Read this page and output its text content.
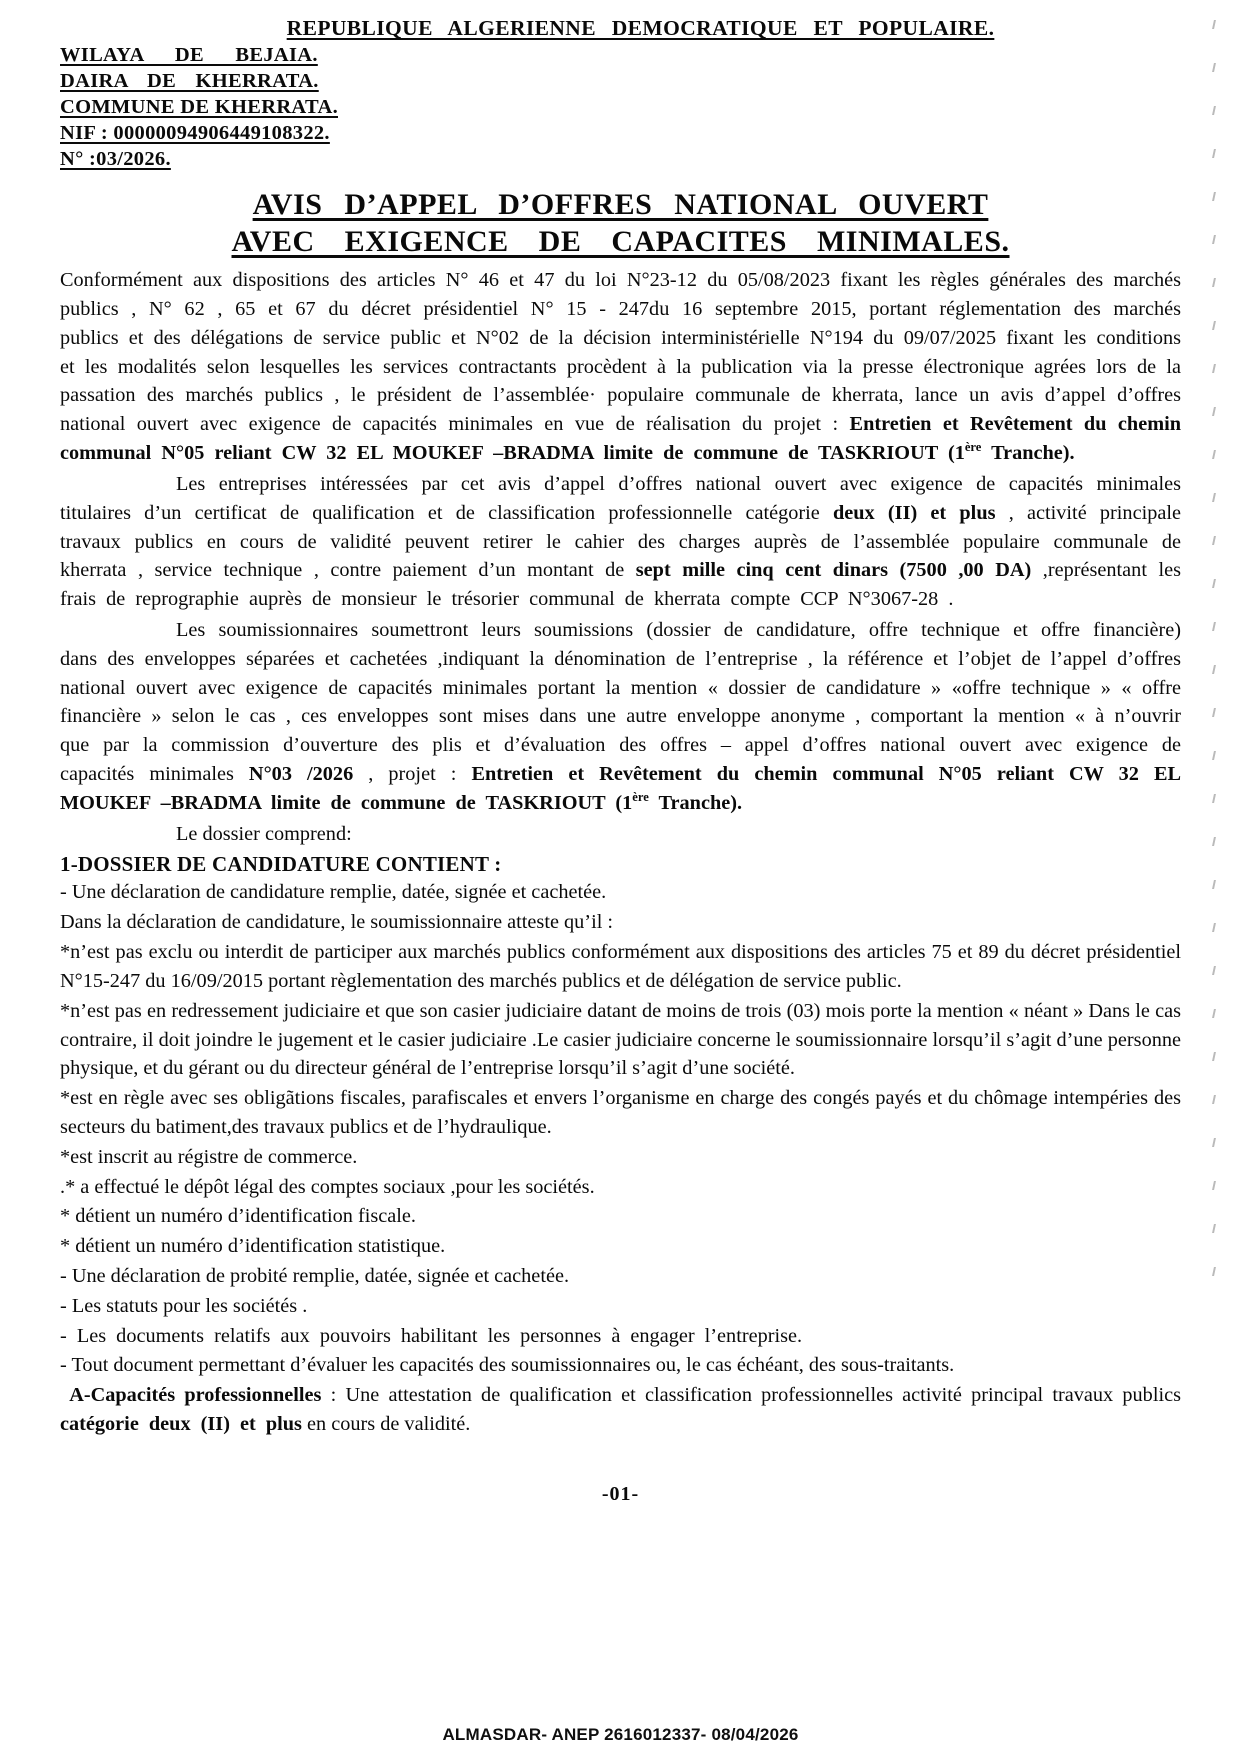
REPUBLIQUE ALGERIENNE DEMOCRATIQUE ET POPULAIRE.
WILAYA DE BEJAIA.
DAIRA DE KHERRATA.
COMMUNE DE KHERRATA.
NIF : 00000094906449108322.
N° :03/2026.
AVIS D’APPEL D’OFFRES NATIONAL OUVERT
AVEC EXIGENCE DE CAPACITES MINIMALES.

Conformément aux dispositions des articles N° 46 et 47 du loi N°23-12 du 05/08/2023 fixant les règles générales des marchés publics , N° 62 , 65 et 67 du décret présidentiel N° 15 - 247du 16 septembre 2015, portant réglementation des marchés publics et des délégations de service public et N°02 de la décision interministérielle N°194 du 09/07/2025 fixant les conditions et les modalités selon lesquelles les services contractants procèdent à la publication via la presse électronique agrées lors de la passation des marchés publics , le président de l’assemblée· populaire communale de kherrata, lance un avis d’appel d’offres national ouvert avec exigence de capacités minimales en vue de réalisation du projet : Entretien et Revêtement du chemin communal N°05 reliant CW 32 EL MOUKEF –BRADMA limite de commune de TASKRIOUT (1ère Tranche).

Les entreprises intéressées par cet avis d’appel d’offres national ouvert avec exigence de capacités minimales titulaires d’un certificat de qualification et de classification professionnelle catégorie deux (II) et plus , activité principale travaux publics en cours de validité peuvent retirer le cahier des charges auprès de l’assemblée populaire communale de kherrata , service technique , contre paiement d’un montant de sept mille cinq cent dinars (7500 ,00 DA) ,représentant les frais de reprographie auprès de monsieur le trésorier communal de kherrata compte CCP N°3067-28 .

Les soumissionnaires soumettront leurs soumissions (dossier de candidature, offre technique et offre financière) dans des enveloppes séparées et cachetées ,indiquant la dénomination de l’entreprise , la référence et l’objet de l’appel d’offres national ouvert avec exigence de capacités minimales portant la mention « dossier de candidature » «offre technique » « offre financière » selon le cas , ces enveloppes sont mises dans une autre enveloppe anonyme , comportant la mention « à n’ouvrir que par la commission d’ouverture des plis et d’évaluation des offres – appel d’offres national ouvert avec exigence de capacités minimales N°03 /2026 , projet : Entretien et Revêtement du chemin communal N°05 reliant CW 32 EL MOUKEF –BRADMA limite de commune de TASKRIOUT (1ère Tranche).

Le dossier comprend:

1-DOSSIER DE CANDIDATURE CONTIENT :

- Une déclaration de candidature remplie, datée, signée et cachetée.

Dans la déclaration de candidature, le soumissionnaire atteste qu’il :

*n’est pas exclu ou interdit de participer aux marchés publics conformément aux dispositions des articles 75 et 89 du décret présidentiel N°15-247 du 16/09/2015 portant règlementation des marchés publics et de délégation de service public.

*n’est pas en redressement judiciaire et que son casier judiciaire datant de moins de trois (03) mois porte la mention « néant » Dans le cas contraire, il doit joindre le jugement et le casier judiciaire .Le casier judiciaire concerne le soumissionnaire lorsqu’il s’agit d’une personne physique, et du gérant ou du directeur général de l’entreprise lorsqu’il s’agit d’une société.

*est en règle avec ses obligãtions fiscales, parafiscales et envers l’organisme en charge des congés payés et du chômage intempéries des secteurs du batiment,des travaux publics et de l’hydraulique.

*est inscrit au régistre de commerce.

.* a effectué le dépôt légal des comptes sociaux ,pour les sociétés.

* détient un numéro d’identification fiscale.

* détient un numéro d’identification statistique.

- Une déclaration de probité remplie, datée, signée et cachetée.

- Les statuts pour les sociétés .

- Les documents relatifs aux pouvoirs habilitant les personnes à engager l’entreprise.

- Tout document permettant d’évaluer les capacités des soumissionnaires ou, le cas échéant, des sous-traitants.

A-Capacités professionnelles : Une attestation de qualification et classification professionnelles activité principal travaux publics catégorie deux (II) et plus en cours de validité.

-01-
ALMASDAR- ANEP 2616012337- 08/04/2026
